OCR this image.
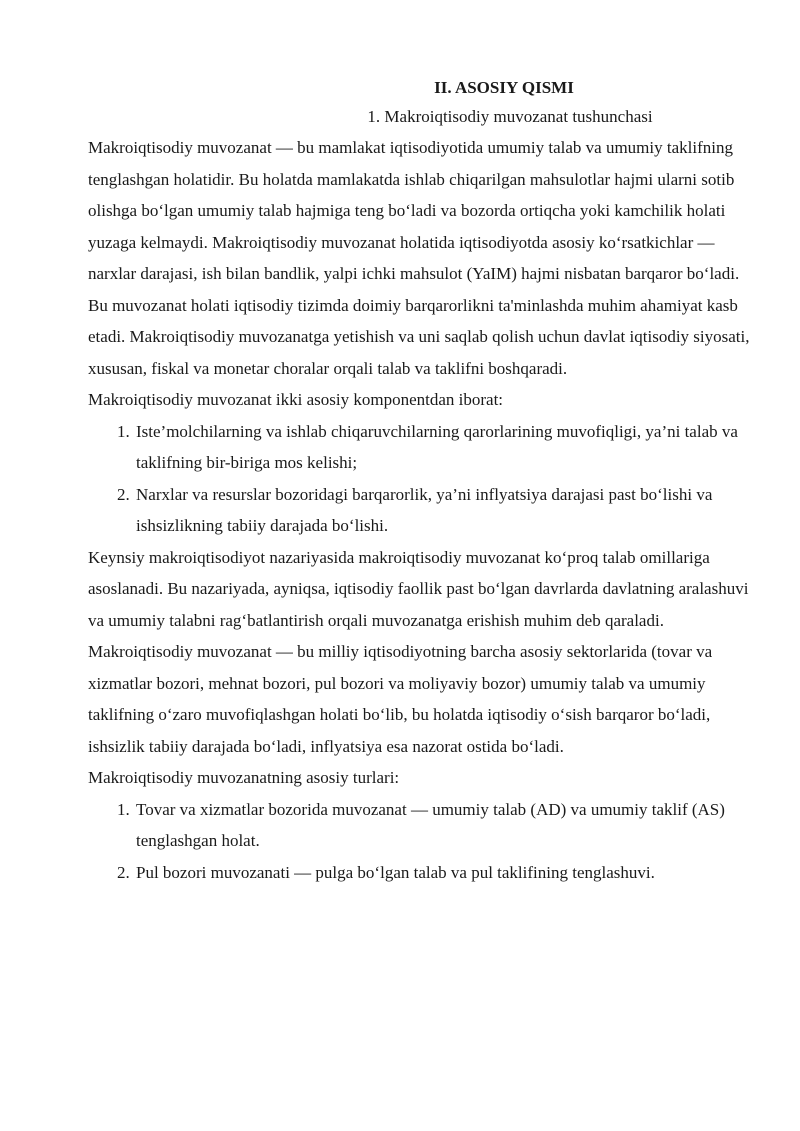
II. ASOSIY QISMI
1. Makroiqtisodiy muvozanat tushunchasi

Makroiqtisodiy muvozanat — bu mamlakat iqtisodiyotida umumiy talab va umumiy taklifning tenglashgan holatidir. Bu holatda mamlakatda ishlab chiqarilgan mahsulotlar hajmi ularni sotib olishga bo‘lgan umumiy talab hajmiga teng bo‘ladi va bozorda ortiqcha yoki kamchilik holati yuzaga kelmaydi. Makroiqtisodiy muvozanat holatida iqtisodiyotda asosiy ko‘rsatkichlar — narxlar darajasi, ish bilan bandlik, yalpi ichki mahsulot (YaIM) hajmi nisbatan barqaror bo‘ladi.

Bu muvozanat holati iqtisodiy tizimda doimiy barqarorlikni ta'minlashda muhim ahamiyat kasb etadi. Makroiqtisodiy muvozanatga yetishish va uni saqlab qolish uchun davlat iqtisodiy siyosati, xususan, fiskal va monetar choralar orqali talab va taklifni boshqaradi.

Makroiqtisodiy muvozanat ikki asosiy komponentdan iborat:

1. Iste’molchilarning va ishlab chiqaruvchilarning qarorlarining muvofiqligi, ya’ni talab va taklifning bir-biriga mos kelishi;
2. Narxlar va resurslar bozoridagi barqarorlik, ya’ni inflyatsiya darajasi past bo‘lishi va ishsizlikning tabiiy darajada bo‘lishi.

Keynsiy makroiqtisodiyot nazariyasida makroiqtisodiy muvozanat ko‘proq talab omillariga asoslanadi. Bu nazariyada, ayniqsa, iqtisodiy faollik past bo‘lgan davrlarda davlatning aralashuvi va umumiy talabni rag‘batlantirish orqali muvozanatga erishish muhim deb qaraladi.

Makroiqtisodiy muvozanat — bu milliy iqtisodiyotning barcha asosiy sektorlarida (tovar va xizmatlar bozori, mehnat bozori, pul bozori va moliyaviy bozor) umumiy talab va umumiy taklifning o‘zaro muvofiqlashgan holati bo‘lib, bu holatda iqtisodiy o‘sish barqaror bo‘ladi, ishsizlik tabiiy darajada bo‘ladi, inflyatsiya esa nazorat ostida bo‘ladi.

Makroiqtisodiy muvozanatning asosiy turlari:

1. Tovar va xizmatlar bozorida muvozanat — umumiy talab (AD) va umumiy taklif (AS) tenglashgan holat.
2. Pul bozori muvozanati — pulga bo‘lgan talab va pul taklifining tenglashuvi.
